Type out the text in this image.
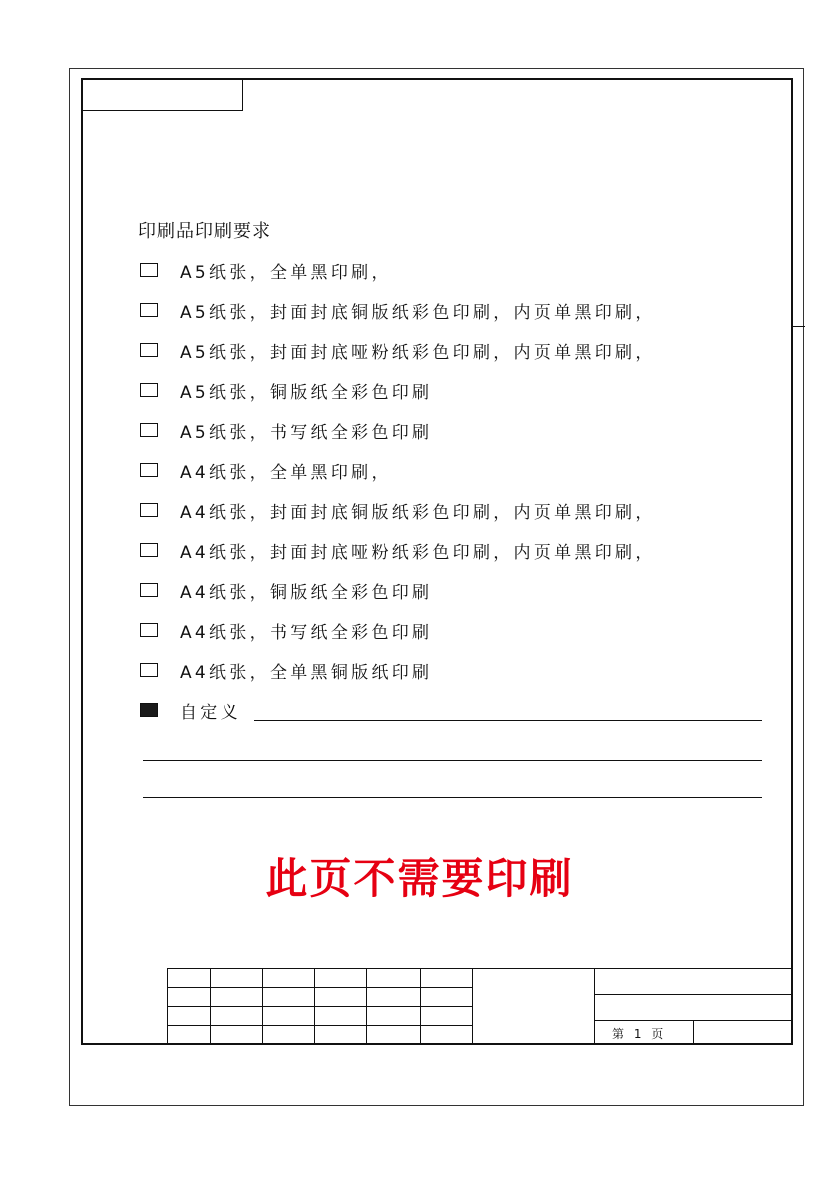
印刷品印刷要求
A5纸张，全单黑印刷，
A5纸张，封面封底铜版纸彩色印刷，内页单黑印刷，
A5纸张，封面封底哑粉纸彩色印刷，内页单黑印刷，
A5纸张，铜版纸全彩色印刷
A5纸张，书写纸全彩色印刷
A4纸张，全单黑印刷，
A4纸张，封面封底铜版纸彩色印刷，内页单黑印刷，
A4纸张，封面封底哑粉纸彩色印刷，内页单黑印刷，
A4纸张，铜版纸全彩色印刷
A4纸张，书写纸全彩色印刷
A4纸张，全单黑铜版纸印刷
自定义
此页不需要印刷
第 1 页
